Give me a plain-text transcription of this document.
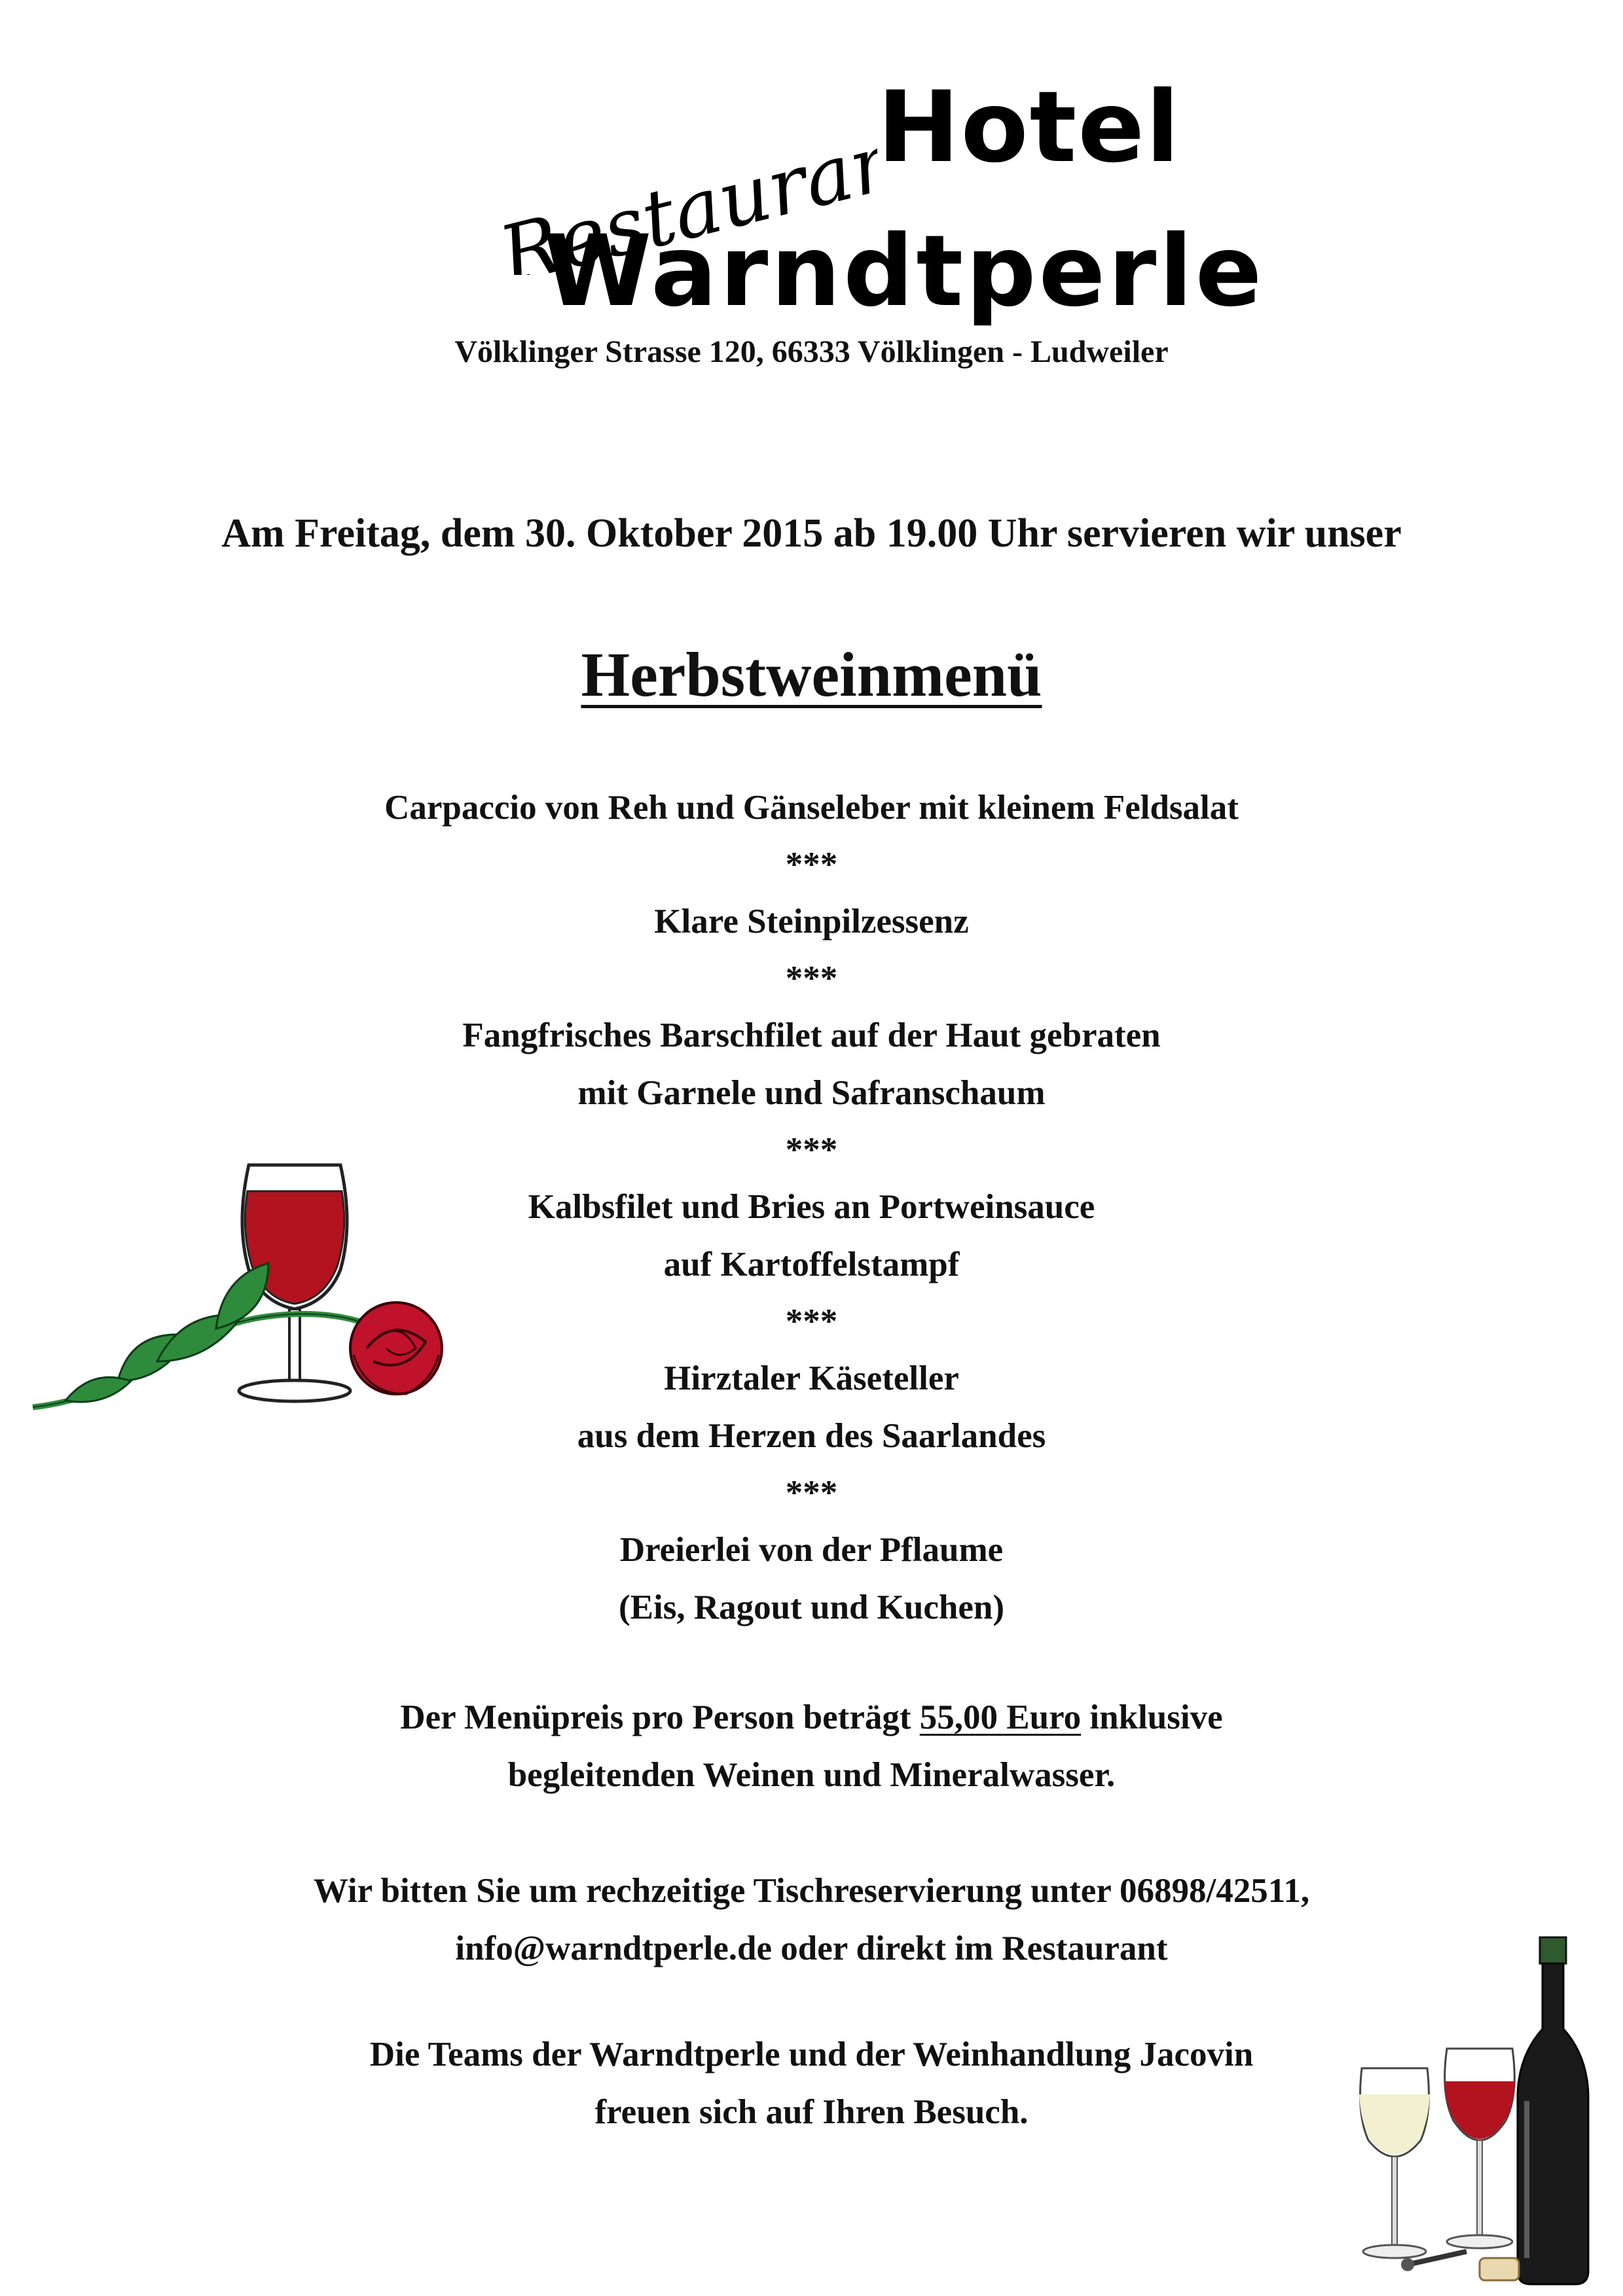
Restaurant
Hotel
Warndtperle
Völklinger Strasse 120, 66333 Völklingen - Ludweiler
Am Freitag, dem 30. Oktober 2015 ab 19.00 Uhr servieren wir unser
Herbstweinmenü
Carpaccio von Reh und Gänseleber mit kleinem Feldsalat
***
Klare Steinpilzessenz
***
Fangfrisches Barschfilet auf der Haut gebraten
mit Garnele und Safranschaum
***
Kalbsfilet und Bries an Portweinsauce
auf Kartoffelstampf
***
Hirztaler Käseteller
aus dem Herzen des Saarlandes
***
Dreierlei von der Pflaume
(Eis, Ragout und Kuchen)
Der Menüpreis pro Person beträgt 55,00 Euro inklusive
begleitenden Weinen und Mineralwasser.
Wir bitten Sie um rechzeitige Tischreservierung unter 06898/42511,
info@warndtperle.de oder direkt im Restaurant
Die Teams der Warndtperle und der Weinhandlung Jacovin
freuen sich auf Ihren Besuch.
